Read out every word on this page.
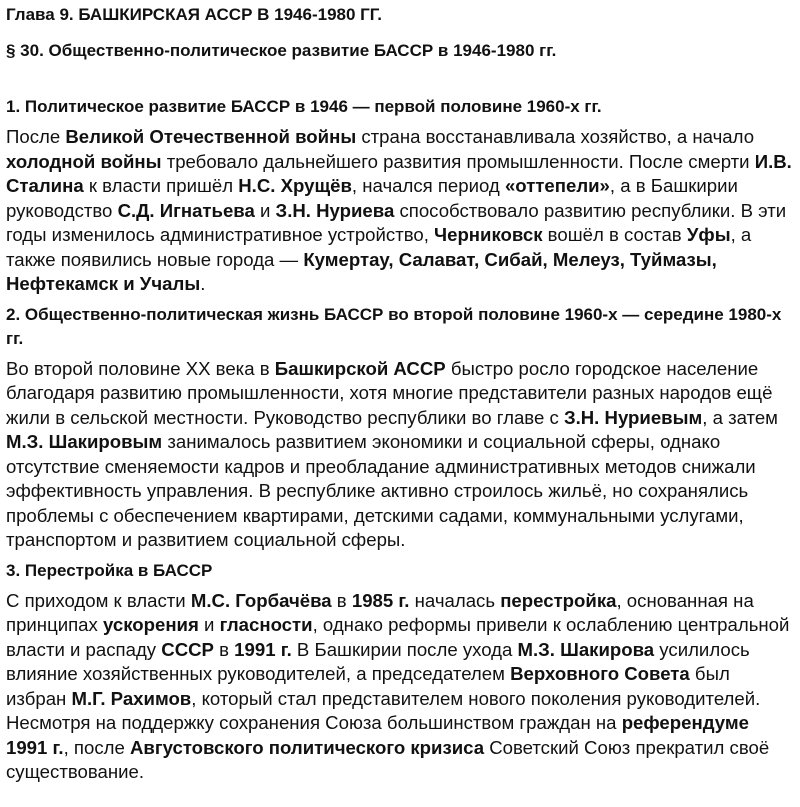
Глава 9. БАШКИРСКАЯ АССР В 1946-1980 ГГ.
§ 30. Общественно-политическое развитие БАССР в 1946-1980 гг.
1. Политическое развитие БАССР в 1946 — первой половине 1960-х гг.

После Великой Отечественной войны страна восстанавливала хозяйство, а начало холодной войны требовало дальнейшего развития промышленности. После смерти И.В. Сталина к власти пришёл Н.С. Хрущёв, начался период «оттепели», а в Башкирии руководство С.Д. Игнатьева и З.Н. Нуриева способствовало развитию республики. В эти годы изменилось административное устройство, Черниковск вошёл в состав Уфы, а также появились новые города — Кумертау, Салават, Сибай, Мелеуз, Туймазы, Нефтекамск и Учалы.

2. Общественно-политическая жизнь БАССР во второй половине 1960-х — середине 1980-х гг.

Во второй половине XX века в Башкирской АССР быстро росло городское население благодаря развитию промышленности, хотя многие представители разных народов ещё жили в сельской местности. Руководство республики во главе с З.Н. Нуриевым, а затем М.З. Шакировым занималось развитием экономики и социальной сферы, однако отсутствие сменяемости кадров и преобладание административных методов снижали эффективность управления. В республике активно строилось жильё, но сохранялись проблемы с обеспечением квартирами, детскими садами, коммунальными услугами, транспортом и развитием социальной сферы.

3. Перестройка в БАССР

С приходом к власти М.С. Горбачёва в 1985 г. началась перестройка, основанная на принципах ускорения и гласности, однако реформы привели к ослаблению центральной власти и распаду СССР в 1991 г. В Башкирии после ухода М.З. Шакирова усилилось влияние хозяйственных руководителей, а председателем Верховного Совета был избран М.Г. Рахимов, который стал представителем нового поколения руководителей. Несмотря на поддержку сохранения Союза большинством граждан на референдуме 1991 г., после Августовского политического кризиса Советский Союз прекратил своё существование.
